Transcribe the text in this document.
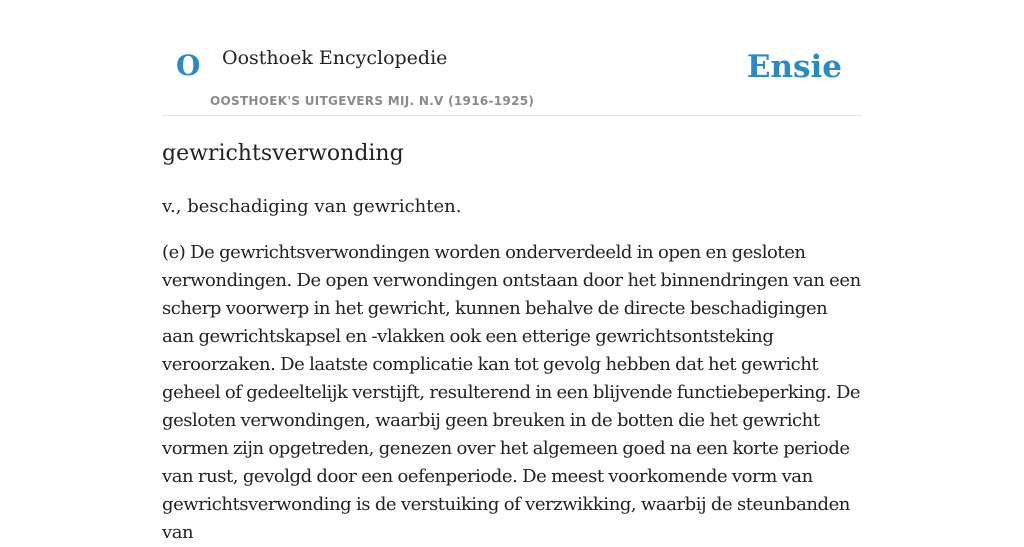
O Oosthoek Encyclopedie
OOSTHOEK'S UITGEVERS MIJ. N.V (1916-1925)
Ensie
gewrichtsverwonding

v., beschadiging van gewrichten.

(e) De gewrichtsverwondingen worden onderverdeeld in open en gesloten verwondingen. De open verwondingen ontstaan door het binnendringen van een scherp voorwerp in het gewricht, kunnen behalve de directe beschadigingen aan gewrichtskapsel en -vlakken ook een etterige gewrichtsontsteking veroorzaken. De laatste complicatie kan tot gevolg hebben dat het gewricht geheel of gedeeltelijk verstijft, resulterend in een blijvende functiebeperking. De gesloten verwondingen, waarbij geen breuken in de botten die het gewricht vormen zijn opgetreden, genezen over het algemeen goed na een korte periode van rust, gevolgd door een oefenperiode. De meest voorkomende vorm van gewrichtsverwonding is de verstuiking of verzwikking, waarbij de steunbanden van
